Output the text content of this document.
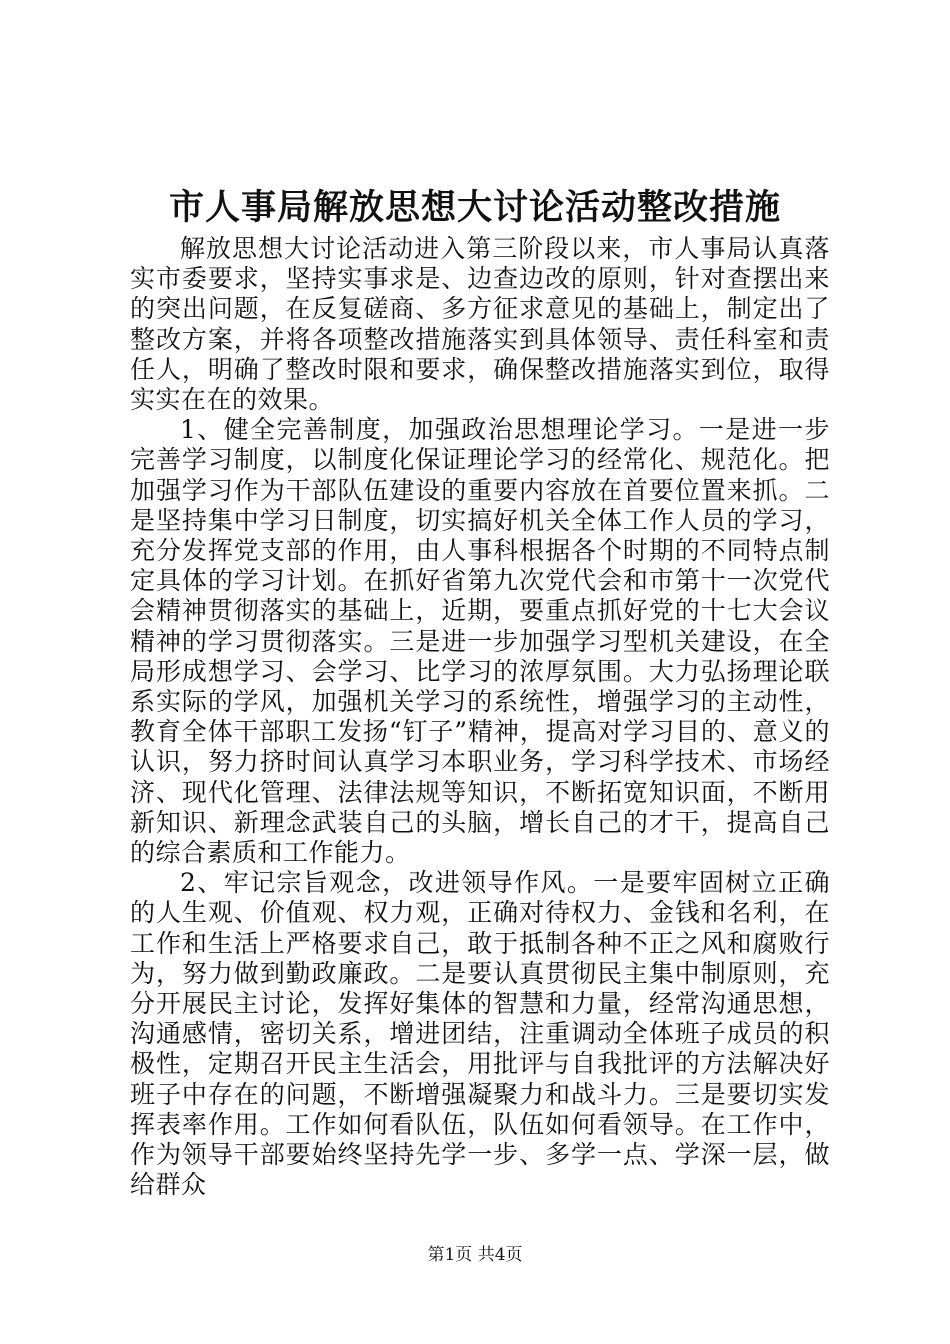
市人事局解放思想大讨论活动整改措施

解放思想大讨论活动进入第三阶段以来，市人事局认真落实市委要求，坚持实事求是、边查边改的原则，针对查摆出来的突出问题，在反复磋商、多方征求意见的基础上，制定出了整改方案，并将各项整改措施落实到具体领导、责任科室和责任人，明确了整改时限和要求，确保整改措施落实到位，取得实实在在的效果。

1、健全完善制度，加强政治思想理论学习。一是进一步完善学习制度，以制度化保证理论学习的经常化、规范化。把加强学习作为干部队伍建设的重要内容放在首要位置来抓。二是坚持集中学习日制度，切实搞好机关全体工作人员的学习，充分发挥党支部的作用，由人事科根据各个时期的不同特点制定具体的学习计划。在抓好省第九次党代会和市第十一次党代会精神贯彻落实的基础上，近期，要重点抓好党的十七大会议精神的学习贯彻落实。三是进一步加强学习型机关建设，在全局形成想学习、会学习、比学习的浓厚氛围。大力弘扬理论联系实际的学风，加强机关学习的系统性，增强学习的主动性，教育全体干部职工发扬“钉子”精神，提高对学习目的、意义的认识，努力挤时间认真学习本职业务，学习科学技术、市场经济、现代化管理、法律法规等知识，不断拓宽知识面，不断用新知识、新理念武装自己的头脑，增长自己的才干，提高自己的综合素质和工作能力。

2、牢记宗旨观念，改进领导作风。一是要牢固树立正确的人生观、价值观、权力观，正确对待权力、金钱和名利，在工作和生活上严格要求自己，敢于抵制各种不正之风和腐败行为，努力做到勤政廉政。二是要认真贯彻民主集中制原则，充分开展民主讨论，发挥好集体的智慧和力量，经常沟通思想，沟通感情，密切关系，增进团结，注重调动全体班子成员的积极性，定期召开民主生活会，用批评与自我批评的方法解决好班子中存在的问题，不断增强凝聚力和战斗力。三是要切实发挥表率作用。工作如何看队伍，队伍如何看领导。在工作中，作为领导干部要始终坚持先学一步、多学一点、学深一层，做给群众

第1页 共4页
